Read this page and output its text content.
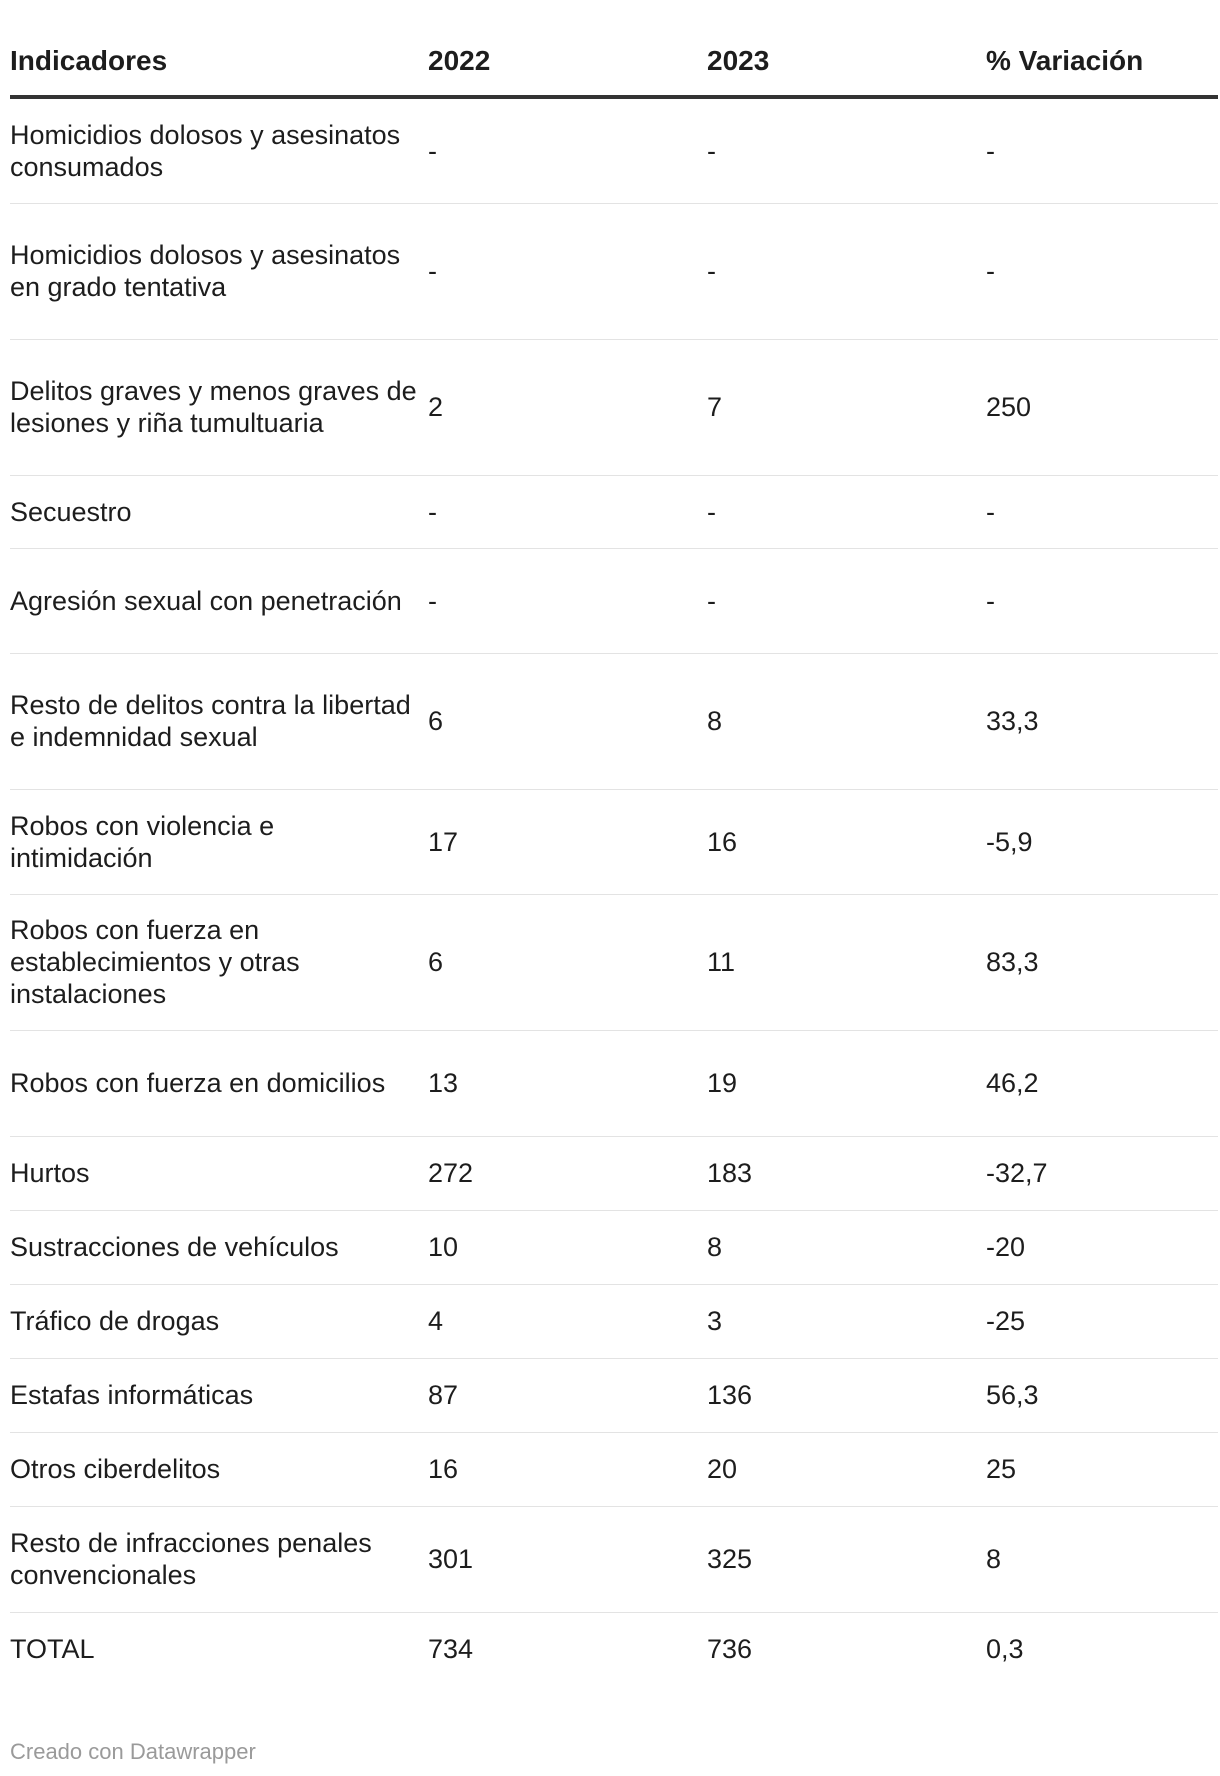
Indicadores	2022	2023	% Variación
Homicidios dolosos y asesinatos consumados	-	-	-
Homicidios dolosos y asesinatos en grado tentativa	-	-	-
Delitos graves y menos graves de lesiones y riña tumultuaria	2	7	250
Secuestro	-	-	-
Agresión sexual con penetración	-	-	-
Resto de delitos contra la libertad e indemnidad sexual	6	8	33,3
Robos con violencia e intimidación	17	16	-5,9
Robos con fuerza en establecimientos y otras instalaciones	6	11	83,3
Robos con fuerza en domicilios	13	19	46,2
Hurtos	272	183	-32,7
Sustracciones de vehículos	10	8	-20
Tráfico de drogas	4	3	-25
Estafas informáticas	87	136	56,3
Otros ciberdelitos	16	20	25
Resto de infracciones penales convencionales	301	325	8
TOTAL	734	736	0,3
Creado con Datawrapper
